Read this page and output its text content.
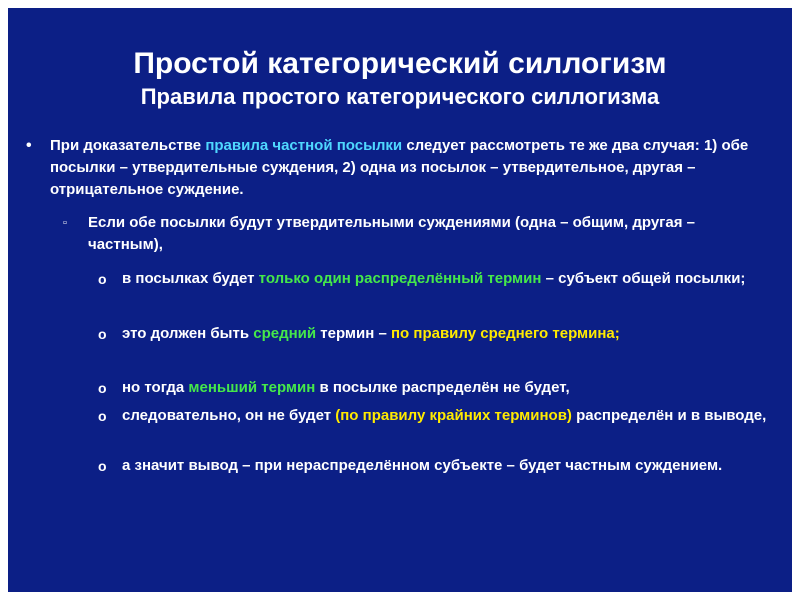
Простой категорический силлогизм
Правила простого категорического силлогизма
• При доказательстве правила частной посылки следует рассмотреть те же два случая: 1) обе посылки – утвердительные суждения, 2) одна из посылок – утвердительное, другая – отрицательное суждение.
▫ Если обе посылки будут утвердительными суждениями (одна – общим, другая – частным),
o в посылках будет только один распределённый термин – субъект общей посылки;
o это должен быть средний термин – по правилу среднего термина;
o но тогда меньший термин в посылке распределён не будет,
o следовательно, он не будет (по правилу крайних терминов) распределён и в выводе,
o а значит вывод – при нераспределённом субъекте – будет частным суждением.
